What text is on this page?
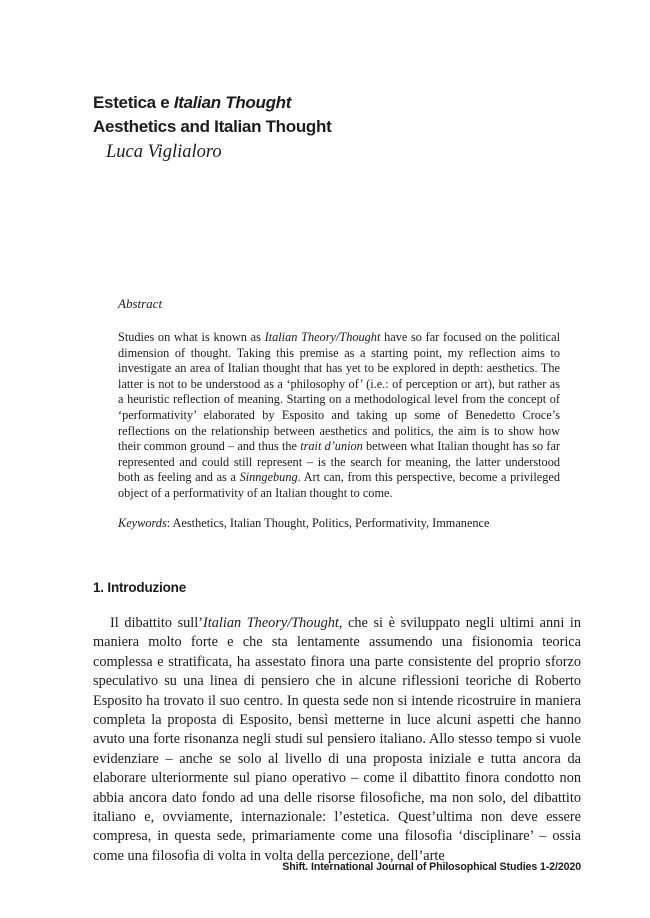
Estetica e Italian Thought
Aesthetics and Italian Thought
Luca Viglialoro
Abstract

Studies on what is known as Italian Theory/Thought have so far focused on the political dimension of thought. Taking this premise as a starting point, my reflection aims to investigate an area of Italian thought that has yet to be explored in depth: aesthetics. The latter is not to be understood as a ‘philosophy of’ (i.e.: of perception or art), but rather as a heuristic reflection of meaning. Starting on a methodological level from the concept of ‘performativity’ elaborated by Esposito and taking up some of Benedetto Croce’s reflections on the relationship between aesthetics and politics, the aim is to show how their common ground – and thus the trait d’union between what Italian thought has so far represented and could still represent – is the search for meaning, the latter understood both as feeling and as a Sinngebung. Art can, from this perspective, become a privileged object of a performativity of an Italian thought to come.

Keywords: Aesthetics, Italian Thought, Politics, Performativity, Immanence

1. Introduzione

Il dibattito sull’Italian Theory/Thought, che si è sviluppato negli ultimi anni in maniera molto forte e che sta lentamente assumendo una fisionomia teorica complessa e stratificata, ha assestato finora una parte consistente del proprio sforzo speculativo su una linea di pensiero che in alcune riflessioni teoriche di Roberto Esposito ha trovato il suo centro. In questa sede non si intende ricostruire in maniera completa la proposta di Esposito, bensì metterne in luce alcuni aspetti che hanno avuto una forte risonanza negli studi sul pensiero italiano. Allo stesso tempo si vuole evidenziare – anche se solo al livello di una proposta iniziale e tutta ancora da elaborare ulteriormente sul piano operativo – come il dibattito finora condotto non abbia ancora dato fondo ad una delle risorse filosofiche, ma non solo, del dibattito italiano e, ovviamente, internazionale: l’estetica. Quest’ultima non deve essere compresa, in questa sede, primariamente come una filosofia ‘disciplinare’ – ossia come una filosofia di volta in volta della percezione, dell’arte

Shift. International Journal of Philosophical Studies 1-2/2020
